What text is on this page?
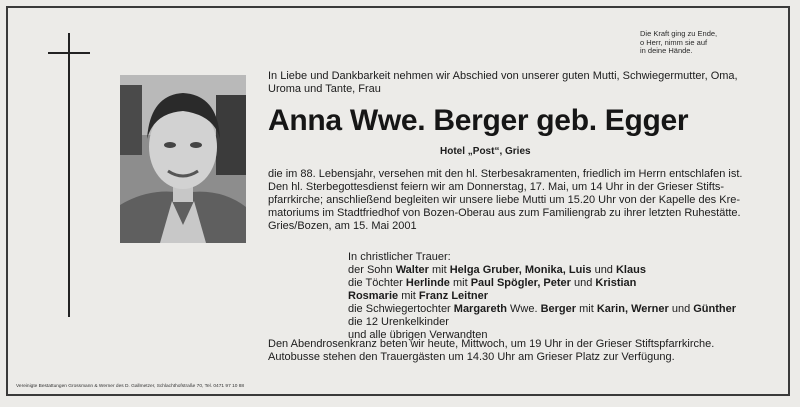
Die Kraft ging zu Ende,
o Herr, nimm sie auf
in deine Hände.
In Liebe und Dankbarkeit nehmen wir Abschied von unserer guten Mutti, Schwiegermutter, Oma,
Uroma und Tante, Frau
Anna Wwe. Berger geb. Egger
Hotel „Post“, Gries
die im 88. Lebensjahr, versehen mit den hl. Sterbesakramenten, friedlich im Herrn entschlafen ist.
Den hl. Sterbegottesdienst feiern wir am Donnerstag, 17. Mai, um 14 Uhr in der Grieser Stifts-
pfarrkirche; anschließend begleiten wir unsere liebe Mutti um 15.20 Uhr von der Kapelle des Kre-
matoriums im Stadtfriedhof von Bozen-Oberau aus zum Familiengrab zu ihrer letzten Ruhestätte.
Gries/Bozen, am 15. Mai 2001
In christlicher Trauer:
der Sohn Walter mit Helga Gruber, Monika, Luis und Klaus
die Töchter Herlinde mit Paul Spögler, Peter und Kristian
Rosmarie mit Franz Leitner
die Schwiegertochter Margareth Wwe. Berger mit Karin, Werner und Günther
die 12 Urenkelkinder
und alle übrigen Verwandten
Den Abendrosenkranz beten wir heute, Mittwoch, um 19 Uhr in der Grieser Stiftspfarrkirche.
Autobusse stehen den Trauergästen um 14.30 Uhr am Grieser Platz zur Verfügung.
Vereinigte Bestattungen Grossmann & Werner des D. Gallmetzer, Schlachthofstraße 70, Tel. 0471 97 10 88
